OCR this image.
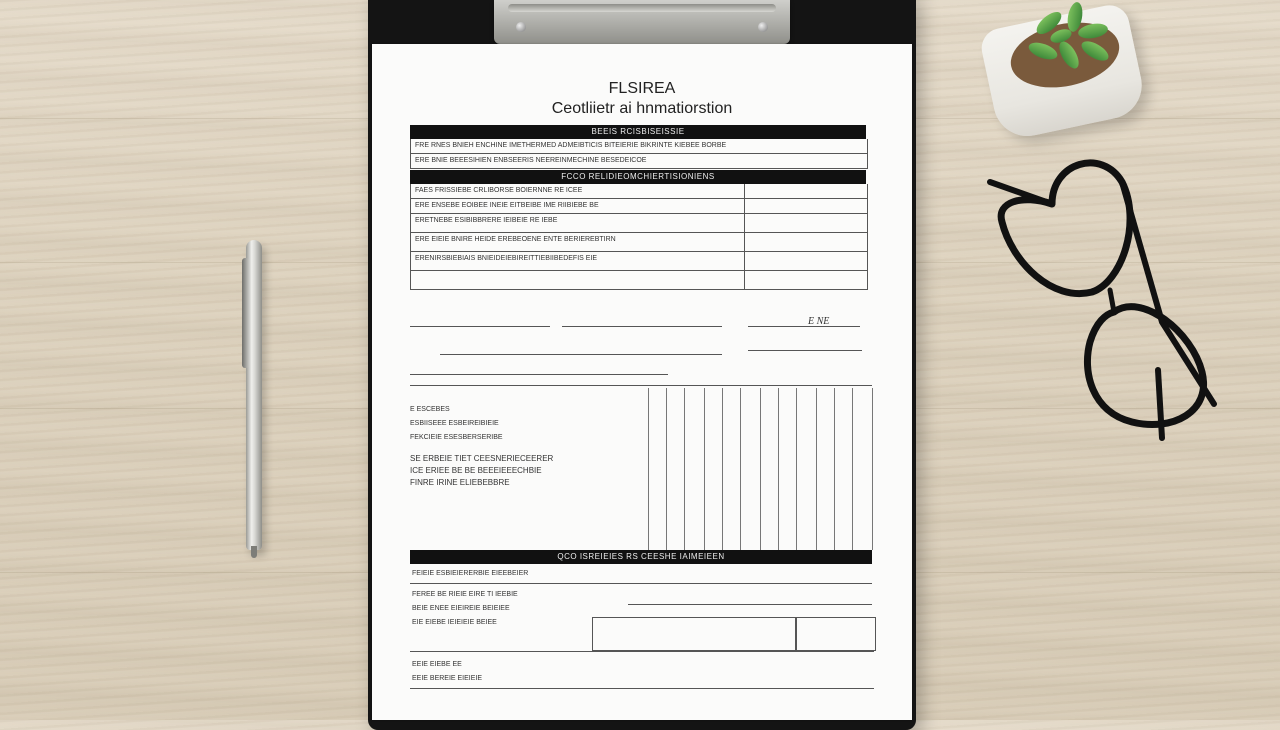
FLSIREA
Ceotliietr ai hnmatiorstion
BEEIS RCISBISEISSIE
FRE RNES BNIEH ENCHINE IMETHERMED ADMEIBTICIS BITEIERIE BIKRINTE KIEBEE BORBE
ERE BNIE BEEESIHIEN ENBSEERIS NEEREINMECHINE BESEDEICOE
FCCO RELIDIEOMCHIERTISIONIENS
FAES FRISSIEBE CRLIBORSE BOIERNNE RE ICEE
ERE ENSEBE EOIBEE INEIE EITBEIBE IME RIIBIEBE BE
ERETNEBE ESIBIBBRERE IEIBEIE RE IEBE
ERE EIEIE BNIRE HEIDE EREBEOENE ENTE BERIEREBTIRN
ERENIRSBIEBIAIS BNIEIDEIEBIREITTIEBIIBEDEFIS EIE
E NE
E ESCEBES
ESBIISEEE ESBEIREIBIEIE
FEKCIEIE ESESBERSERIBE
SE ERBEIE TIET CEESNERIECEERER
ICE ERIEE BE BE BEEEIEEECHBIE
FINRE IRINE ELIEBEBBRE
QCO ISREIEIES RS CEESHE IAIMEIEEN
FEIEIE ESBIEIERERBIE EIEEBEIER
FEREE BE RIEIE EIRE TI IEEBIE
BEIE ENEE EIEIREIE BEIEIEE
EIE EIEBE IEIEIEIE BEIEE
EEIE EIEBE EE
EEIE BEREIE EIEIEIE
